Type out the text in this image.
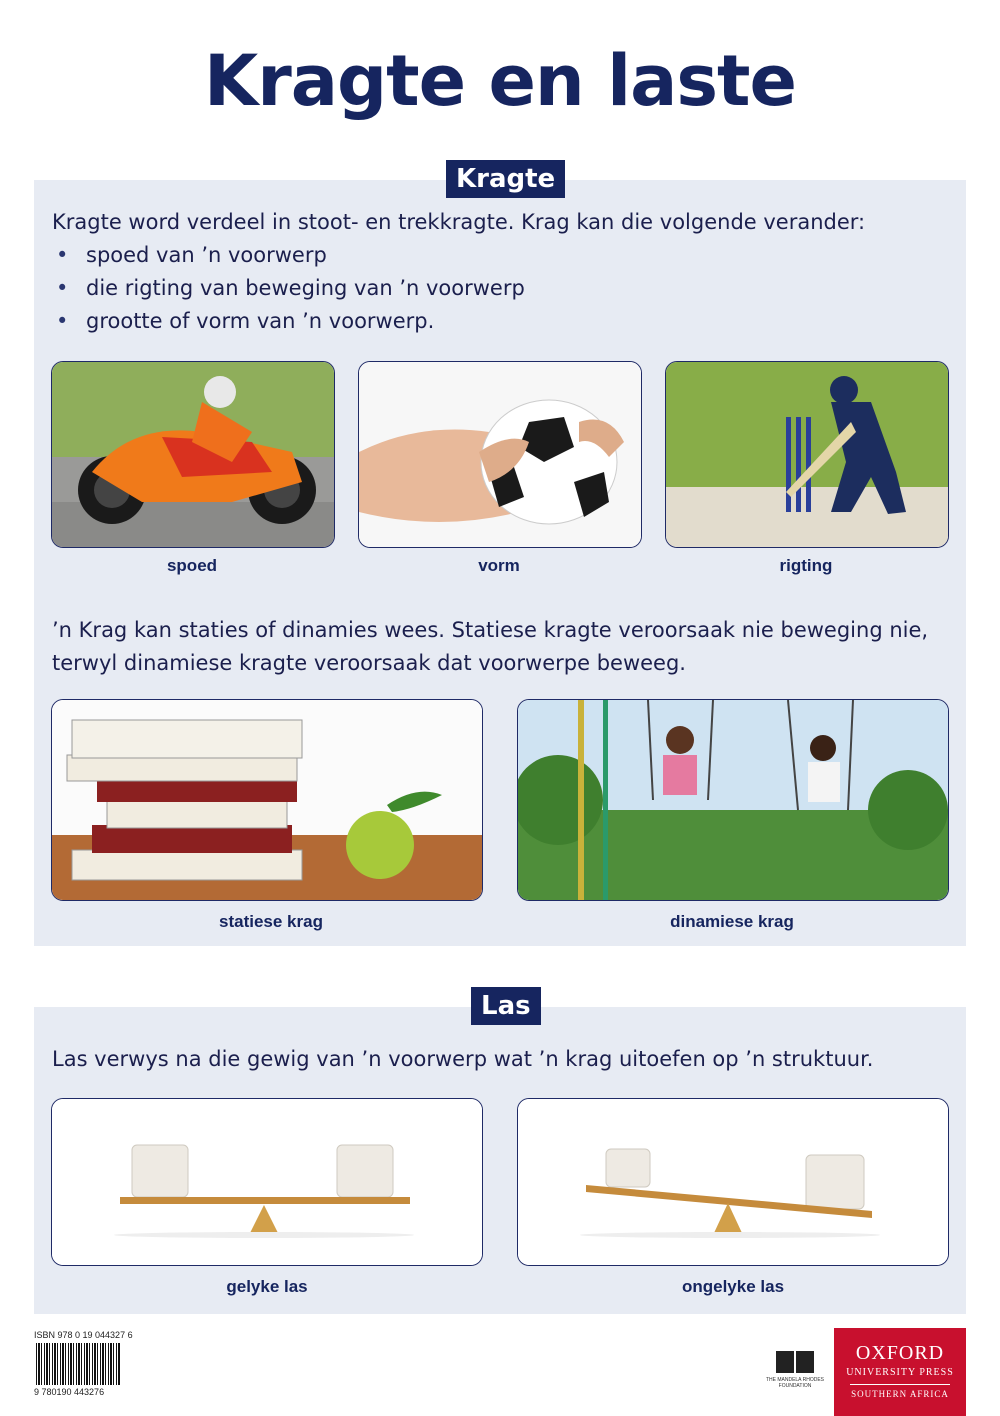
Kragte en laste
Kragte
Kragte word verdeel in stoot- en trekkragte. Krag kan die volgende verander:
• spoed van ’n voorwerp
• die rigting van beweging van ’n voorwerp
• grootte of vorm van ’n voorwerp.
spoed	vorm	rigting
’n Krag kan staties of dinamies wees. Statiese kragte veroorsaak nie beweging nie,
terwyl dinamiese kragte veroorsaak dat voorwerpe beweeg.
statiese krag	dinamiese krag
Las
Las verwys na die gewig van ’n voorwerp wat ’n krag uitoefen op ’n struktuur.
gelyke las	ongelyke las
ISBN 978 0 19 044327 6
9 780190 443276
THE MANDELA RHODES FOUNDATION
OXFORD
UNIVERSITY PRESS
SOUTHERN AFRICA
